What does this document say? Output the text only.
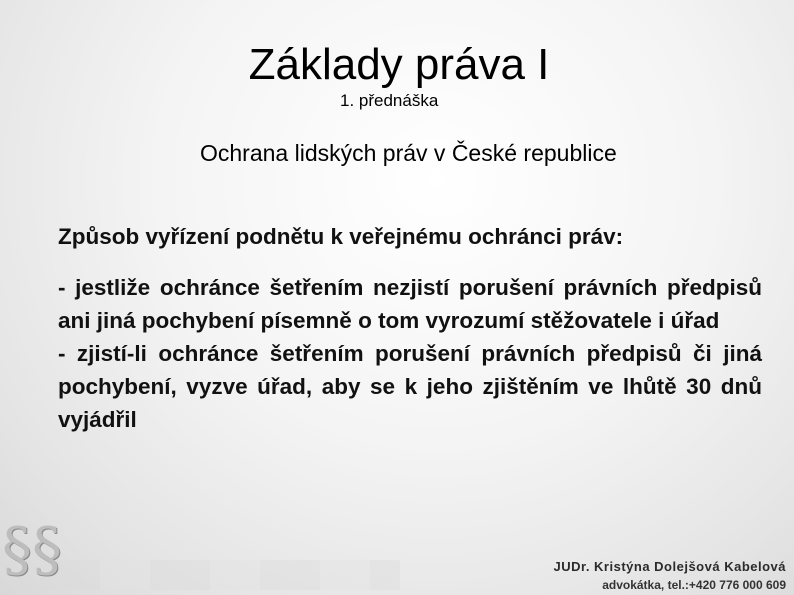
Základy práva I
1. přednáška
Ochrana lidských práv v České republice

Způsob vyřízení podnětu k veřejnému ochránci práv:

- jestliže ochránce šetřením nezjistí porušení právních předpisů ani jiná pochybení písemně o tom vyrozumí stěžovatele i úřad

- zjistí-li ochránce šetřením porušení právních předpisů či jiná pochybení, vyzve úřad, aby se k jeho zjištěním ve lhůtě 30 dnů vyjádřil

§§	JUDr. Kristýna Dolejšová Kabelová
advokátka, tel.:+420 776 000 609
